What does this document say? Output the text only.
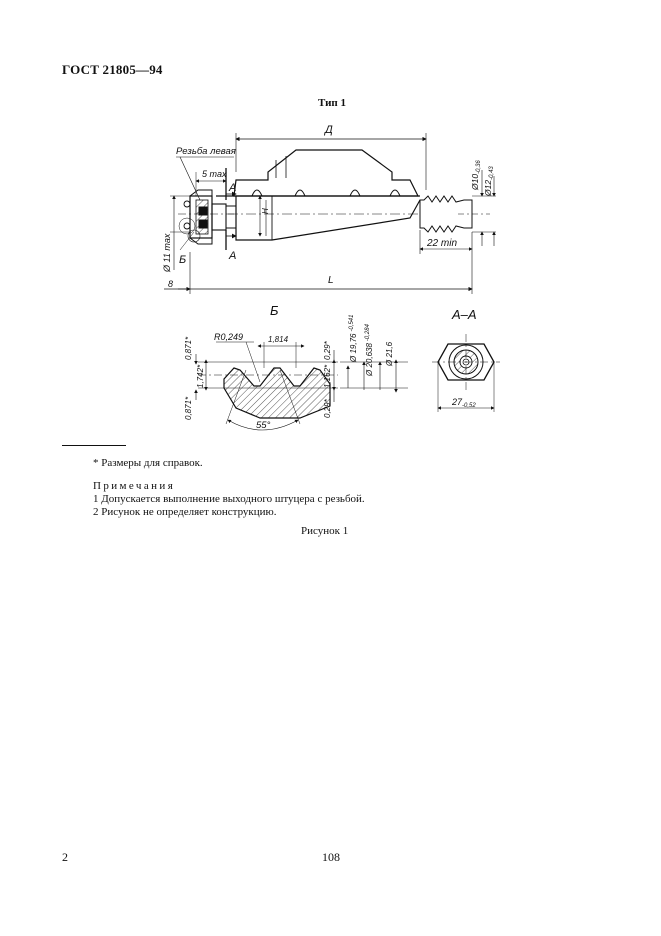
ГОСТ 21805—94
Тип 1
Д
Резьба левая
5 max
А
А
Н
$Ø10_{-0,36}$
$Ø12_{-0,43}$
Ø 11 max	22 min
Б
L
8
Б
R0,249	1,814
0,871*
1,742*
0,871*
0,29*
1,162*
0,29*
Ø $19,76^{-0,541}$
Ø $20,638^{-0,284}$
Ø 21,6
55°
А–А
$27_{-0,52}$
* Размеры для справок.
Примечания
1 Допускается выполнение выходного штуцера с резьбой.
2 Рисунок не определяет конструкцию.
Рисунок 1
2	108
